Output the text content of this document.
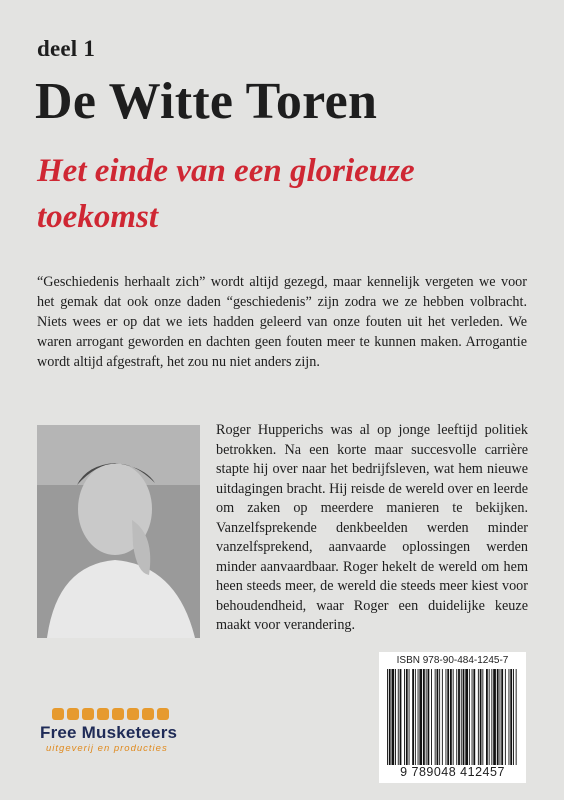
deel 1
De Witte Toren
Het einde van een glorieuze toekomst

“Geschiedenis herhaalt zich” wordt altijd gezegd, maar kennelijk vergeten we voor het gemak dat ook onze daden “geschiedenis” zijn zodra we ze hebben volbracht. Niets wees er op dat we iets hadden geleerd van onze fouten uit het verleden. We waren arrogant geworden en dachten geen fouten meer te kunnen maken. Arrogantie wordt altijd afgestraft, het zou nu niet anders zijn.

Roger Hupperichs was al op jonge leeftijd politiek betrokken. Na een korte maar succesvolle carrière stapte hij over naar het bedrijfsleven, wat hem nieuwe uitdagingen bracht. Hij reisde de wereld over en leerde om zaken op meerdere manieren te bekijken. Vanzelfsprekende denkbeelden werden minder vanzelfsprekend, aanvaarde oplossingen werden minder aanvaardbaar. Roger hekelt de wereld om hem heen steeds meer, de wereld die steeds meer kiest voor behoudendheid, waar Roger een duidelijke keuze maakt voor verandering.

Free Musketeers
uitgeverij en producties
ISBN 978-90-484-1245-7
9 789048 412457
